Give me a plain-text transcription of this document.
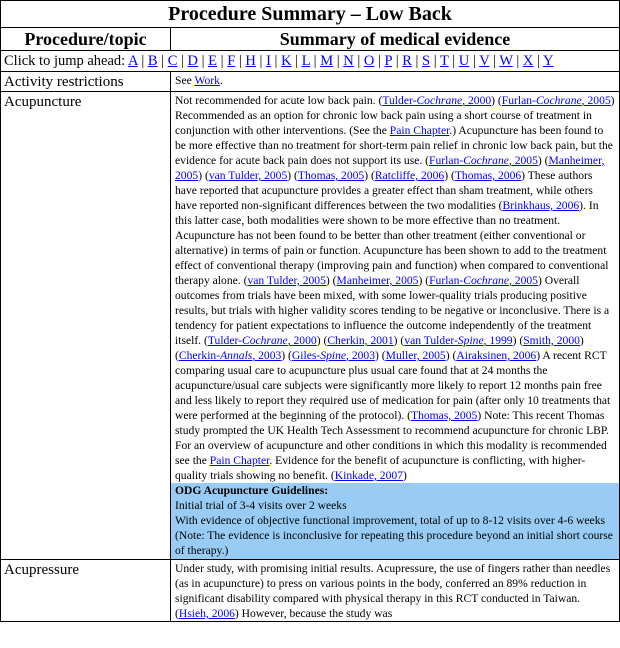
Procedure Summary – Low Back	
Procedure/topic	Summary of medical evidence
Click to jump ahead: A | B | C | D | E | F | H | I | K | L | M | N | O | P | R | S | T | U | V | W | X | Y	
Activity restrictions	See Work.
Acupuncture	Not recommended for acute low back pain. (Tulder-Cochrane, 2000) (Furlan-Cochrane, 2005) Recommended as an option for chronic low back pain using a short course of treatment in conjunction with other interventions. (See the Pain Chapter.) Acupuncture has been found to be more effective than no treatment for short-term pain relief in chronic low back pain, but the evidence for acute back pain does not support its use. (Furlan-Cochrane, 2005) (Manheimer, 2005) (van Tulder, 2005) (Thomas, 2005) (Ratcliffe, 2006) (Thomas, 2006) These authors have reported that acupuncture provides a greater effect than sham treatment, while others have reported non-significant differences between the two modalities (Brinkhaus, 2006). In this latter case, both modalities were shown to be more effective than no treatment. Acupuncture has not been found to be better than other treatment (either conventional or alternative) in terms of pain or function. Acupuncture has been shown to add to the treatment effect of conventional therapy (improving pain and function) when compared to conventional therapy alone. (van Tulder, 2005) (Manheimer, 2005) (Furlan-Cochrane, 2005) Overall outcomes from trials have been mixed, with some lower-quality trials producing positive results, but trials with higher validity scores tending to be negative or inconclusive. There is a tendency for patient expectations to influence the outcome independently of the treatment itself. (Tulder-Cochrane, 2000) (Cherkin, 2001) (van Tulder-Spine, 1999) (Smith, 2000) (Cherkin-Annals, 2003) (Giles-Spine, 2003) (Muller, 2005) (Airaksinen, 2006) A recent RCT comparing usual care to acupuncture plus usual care found that at 24 months the acupuncture/usual care subjects were significantly more likely to report 12 months pain free and less likely to report they required use of medication for pain (after only 10 treatments that were performed at the beginning of the protocol). (Thomas, 2005) Note: This recent Thomas study prompted the UK Health Tech Assessment to recommend acupuncture for chronic LBP. For an overview of acupuncture and other conditions in which this modality is recommended see the Pain Chapter. Evidence for the benefit of acupuncture is conflicting, with higher-quality trials showing no benefit. (Kinkade, 2007)
ODG Acupuncture Guidelines:
Initial trial of 3-4 visits over 2 weeks
With evidence of objective functional improvement, total of up to 8-12 visits over 4-6 weeks (Note: The evidence is inconclusive for repeating this procedure beyond an initial short course of therapy.)

Acupressure	Under study, with promising initial results. Acupressure, the use of fingers rather than needles (as in acupuncture) to press on various points in the body, conferred an 89% reduction in significant disability compared with physical therapy in this RCT conducted in Taiwan. (Hsieh, 2006) However, because the study was
